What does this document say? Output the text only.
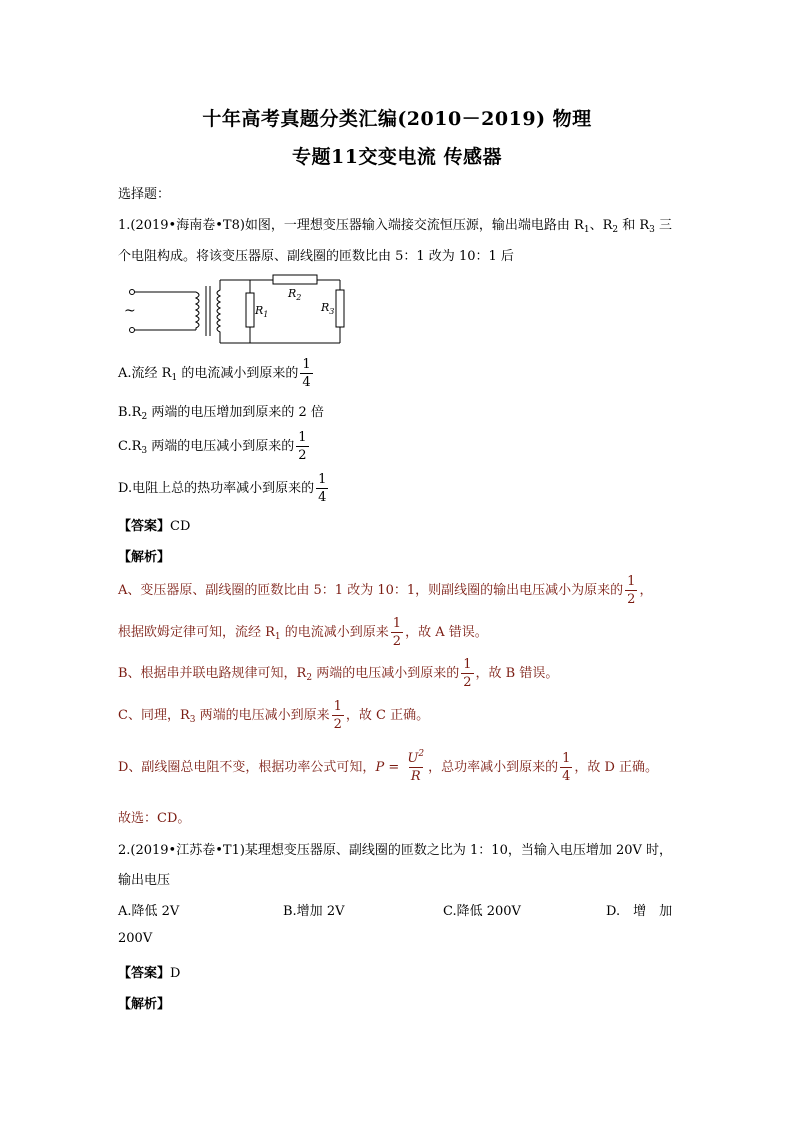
十年高考真题分类汇编(2010－2019) 物理
专题11交变电流 传感器
选择题：
1.(2019•海南卷•T8)如图，一理想变压器输入端接交流恒压源，输出端电路由 $R_1$、$R_2$ 和 $R_3$ 三
个电阻构成。将该变压器原、副线圈的匝数比由 5：1 改为 10：1 后
~	$R_1$
$R_2$
$R_3$
A.流经 $R_1$ 的电流减小到原来的 $\frac{1}{4}$
$B.R_2$ 两端的电压增加到原来的 2 倍
$C.R_3$ 两端的电压减小到原来的 $\frac{1}{2}$
D.电阻上总的热功率减小到原来的 $\frac{1}{4}$
【答案】CD
【解析】
A、变压器原、副线圈的匝数比由 5：1 改为 10：1，则副线圈的输出电压减小为原来的 $\frac{1}{2}$ ，
根据欧姆定律可知，流经 $R_1$ 的电流减小到原来 $\frac{1}{2}$ ，故 A 错误。
B、根据串并联电路规律可知，$R_2$ 两端的电压减小到原来的 $\frac{1}{2}$ ，故 B 错误。
C、同理，$R_3$ 两端的电压减小到原来 $\frac{1}{2}$ ，故 C 正确。
D、副线圈总电阻不变，根据功率公式可知，$P = \frac{U^2}{R}$ ，总功率减小到原来的 $\frac{1}{4}$ ，故 D 正确。
故选：CD。
2.(2019•江苏卷•T1)某理想变压器原、副线圈的匝数之比为 1：10，当输入电压增加 20V 时，
输出电压
A.降低 2V	B.增加 2V	C.降低 200V	D.　增　加
200V
【答案】D
【解析】
